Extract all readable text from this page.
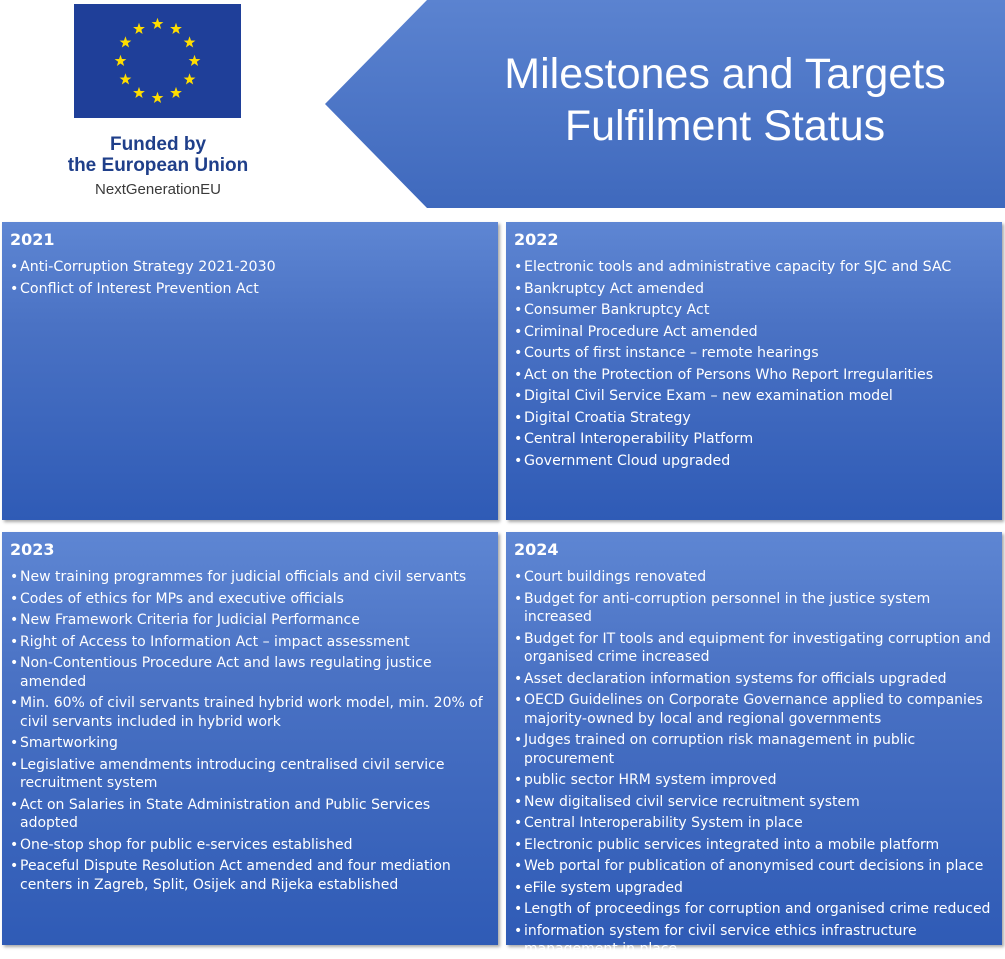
Funded by
the European Union
NextGenerationEU
Milestones and Targets
Fulfilment Status
2021
• Anti-Corruption Strategy 2021-2030
• Conflict of Interest Prevention Act
2022
• Electronic tools and administrative capacity for SJC and SAC
• Bankruptcy Act amended
• Consumer Bankruptcy Act
• Criminal Procedure Act amended
• Courts of first instance – remote hearings
• Act on the Protection of Persons Who Report Irregularities
• Digital Civil Service Exam – new examination model
• Digital Croatia Strategy
• Central Interoperability Platform
• Government Cloud upgraded
2023
• New training programmes for judicial officials and civil servants
• Codes of ethics for MPs and executive officials
• New Framework Criteria for Judicial Performance
• Right of Access to Information Act – impact assessment
• Non-Contentious Procedure Act and laws regulating justice amended
• Min. 60% of civil servants trained hybrid work model, min. 20% of civil servants included in hybrid work
• Smartworking
• Legislative amendments introducing centralised civil service recruitment system
• Act on Salaries in State Administration and Public Services adopted
• One-stop shop for public e-services established
• Peaceful Dispute Resolution Act amended and four mediation centers in Zagreb, Split, Osijek and Rijeka established
2024
• Court buildings renovated
• Budget for anti-corruption personnel in the justice system increased
• Budget for IT tools and equipment for investigating corruption and organised crime increased
• Asset declaration information systems for officials upgraded
• OECD Guidelines on Corporate Governance applied to companies majority-owned by local and regional governments
• Judges trained on corruption risk management in public procurement
• public sector HRM system improved
• New digitalised civil service recruitment system
• Central Interoperability System in place
• Electronic public services integrated into a mobile platform
• Web portal for publication of anonymised court decisions in place
• eFile system upgraded
• Length of proceedings for corruption and organised crime reduced
• information system for civil service ethics infrastructure management in place
